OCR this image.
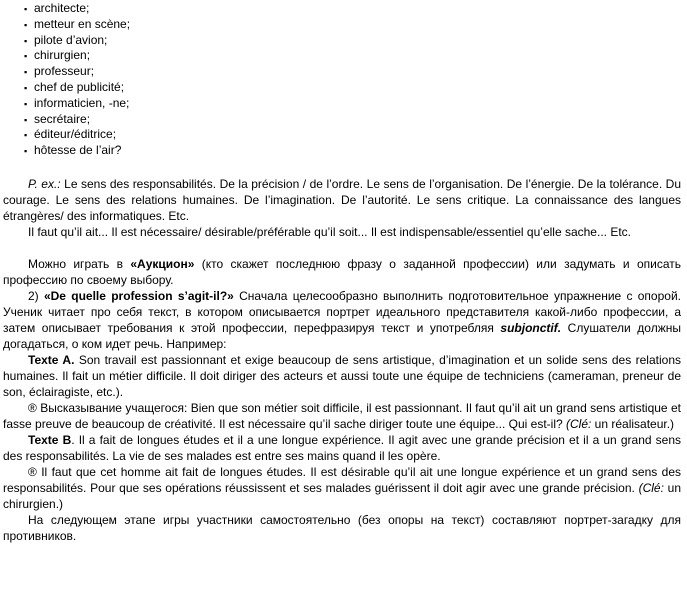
▪ architecte;
▪ metteur en scène;
▪ pilote d’avion;
▪ chirurgien;
▪ professeur;
▪ chef de publicité;
▪ informaticien, -ne;
▪ secrétaire;
▪ éditeur/éditrice;
▪ hôtesse de l’air?

P. ex.: Le sens des responsabilités. De la précision / de l’ordre. Le sens de l’organisation. De l’énergie. De la tolérance. Du courage. Le sens des relations humaines. De l’imagination. De l’autorité. Le sens critique. La connaissance des langues étrangères/ des informatiques. Etc.

Il faut qu’il ait... Il est nécessaire/ désirable/préférable qu’il soit... Il est indispensable/essentiel qu’elle sache... Etc.

Можно играть в «Аукцион» (кто скажет последнюю фразу о заданной профессии) или задумать и описать профессию по своему выбору.

2) «De quelle profession s’agit-il?» Сначала целесообразно выполнить подготовительное упражнение с опорой. Ученик читает про себя текст, в котором описывается портрет идеального представителя какой-либо профессии, а затем описывает требования к этой профессии, перефразируя текст и употребляя subjonctif. Слушатели должны догадаться, о ком идет речь. Например:

Texte A. Son travail est passionnant et exige beaucoup de sens artistique, d’imagination et un solide sens des relations humaines. Il fait un métier difficile. Il doit diriger des acteurs et aussi toute une équipe de techniciens (cameraman, preneur de son, éclairagiste, etc.).

® Высказывание учащегося: Bien que son métier soit difficile, il est passionnant. Il faut qu’il ait un grand sens artistique et fasse preuve de beaucoup de créativité. Il est nécessaire qu’il sache diriger toute une équipe... Qui est-il? (Clé: un réalisateur.)

Texte B. Il a fait de longues études et il a une longue expérience. Il agit avec une grande précision et il a un grand sens des responsabilités. La vie de ses malades est entre ses mains quand il les opère.

® Il faut que cet homme ait fait de longues études. Il est désirable qu’il ait une longue expérience et un grand sens des responsabilités. Pour que ses opérations réussissent et ses malades guérissent il doit agir avec une grande précision. (Clé: un chirurgien.)

На следующем этапе игры участники самостоятельно (без опоры на текст) составляют портрет-загадку для противников.
